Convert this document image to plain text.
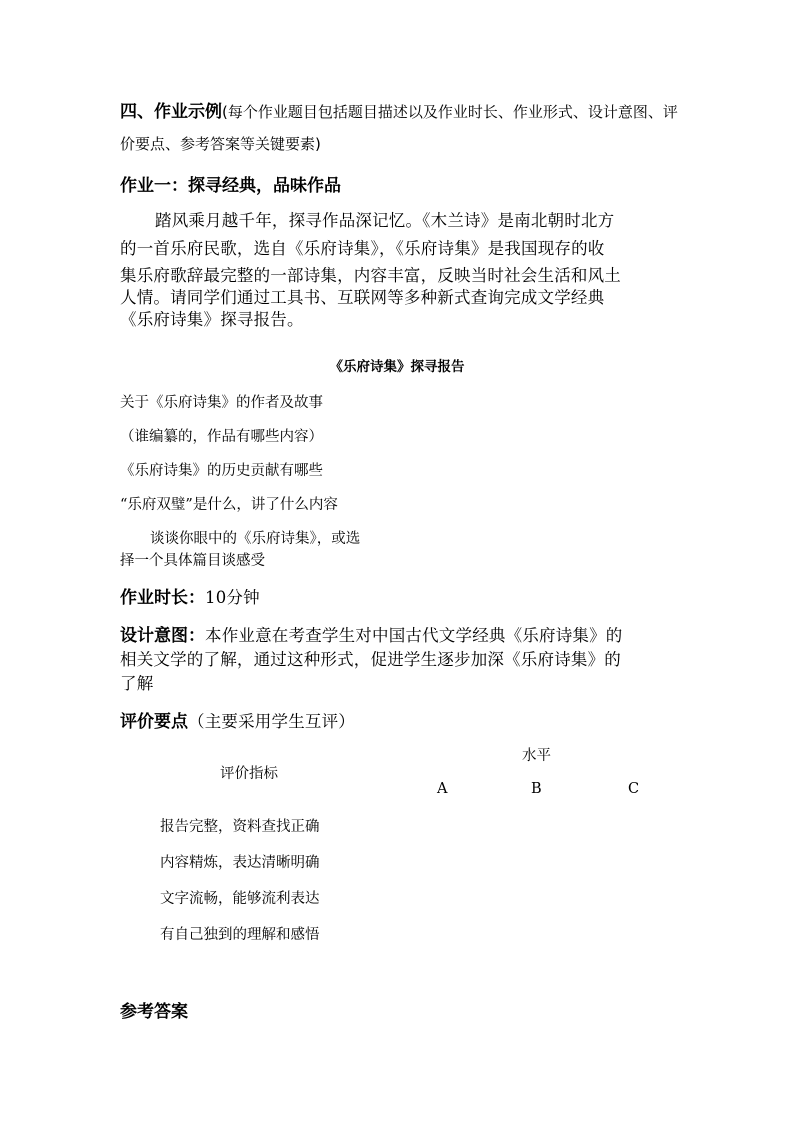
四、作业示例(每个作业题目包括题目描述以及作业时长、作业形式、设计意图、评
价要点、参考答案等关键要素)
作业一：探寻经典，品味作品
踏风乘月越千年，探寻作品深记忆。《木兰诗》是南北朝时北方
的一首乐府民歌，选自《乐府诗集》，《乐府诗集》是我国现存的收
集乐府歌辞最完整的一部诗集，内容丰富，反映当时社会生活和风土
人情。请同学们通过工具书、互联网等多种新式查询完成文学经典
《乐府诗集》探寻报告。
《乐府诗集》探寻报告
关于《乐府诗集》的作者及故事
（谁编纂的，作品有哪些内容）
《乐府诗集》的历史贡献有哪些
“乐府双璧”是什么，讲了什么内容
谈谈你眼中的《乐府诗集》，或选
择一个具体篇目谈感受
作业时长：10分钟
设计意图：本作业意在考查学生对中国古代文学经典《乐府诗集》的
相关文学的了解，通过这种形式，促进学生逐步加深《乐府诗集》的
了解
评价要点（主要采用学生互评）
水平
评价指标
A	B	C
报告完整，资料查找正确
内容精炼，表达清晰明确
文字流畅，能够流利表达
有自己独到的理解和感悟
参考答案
